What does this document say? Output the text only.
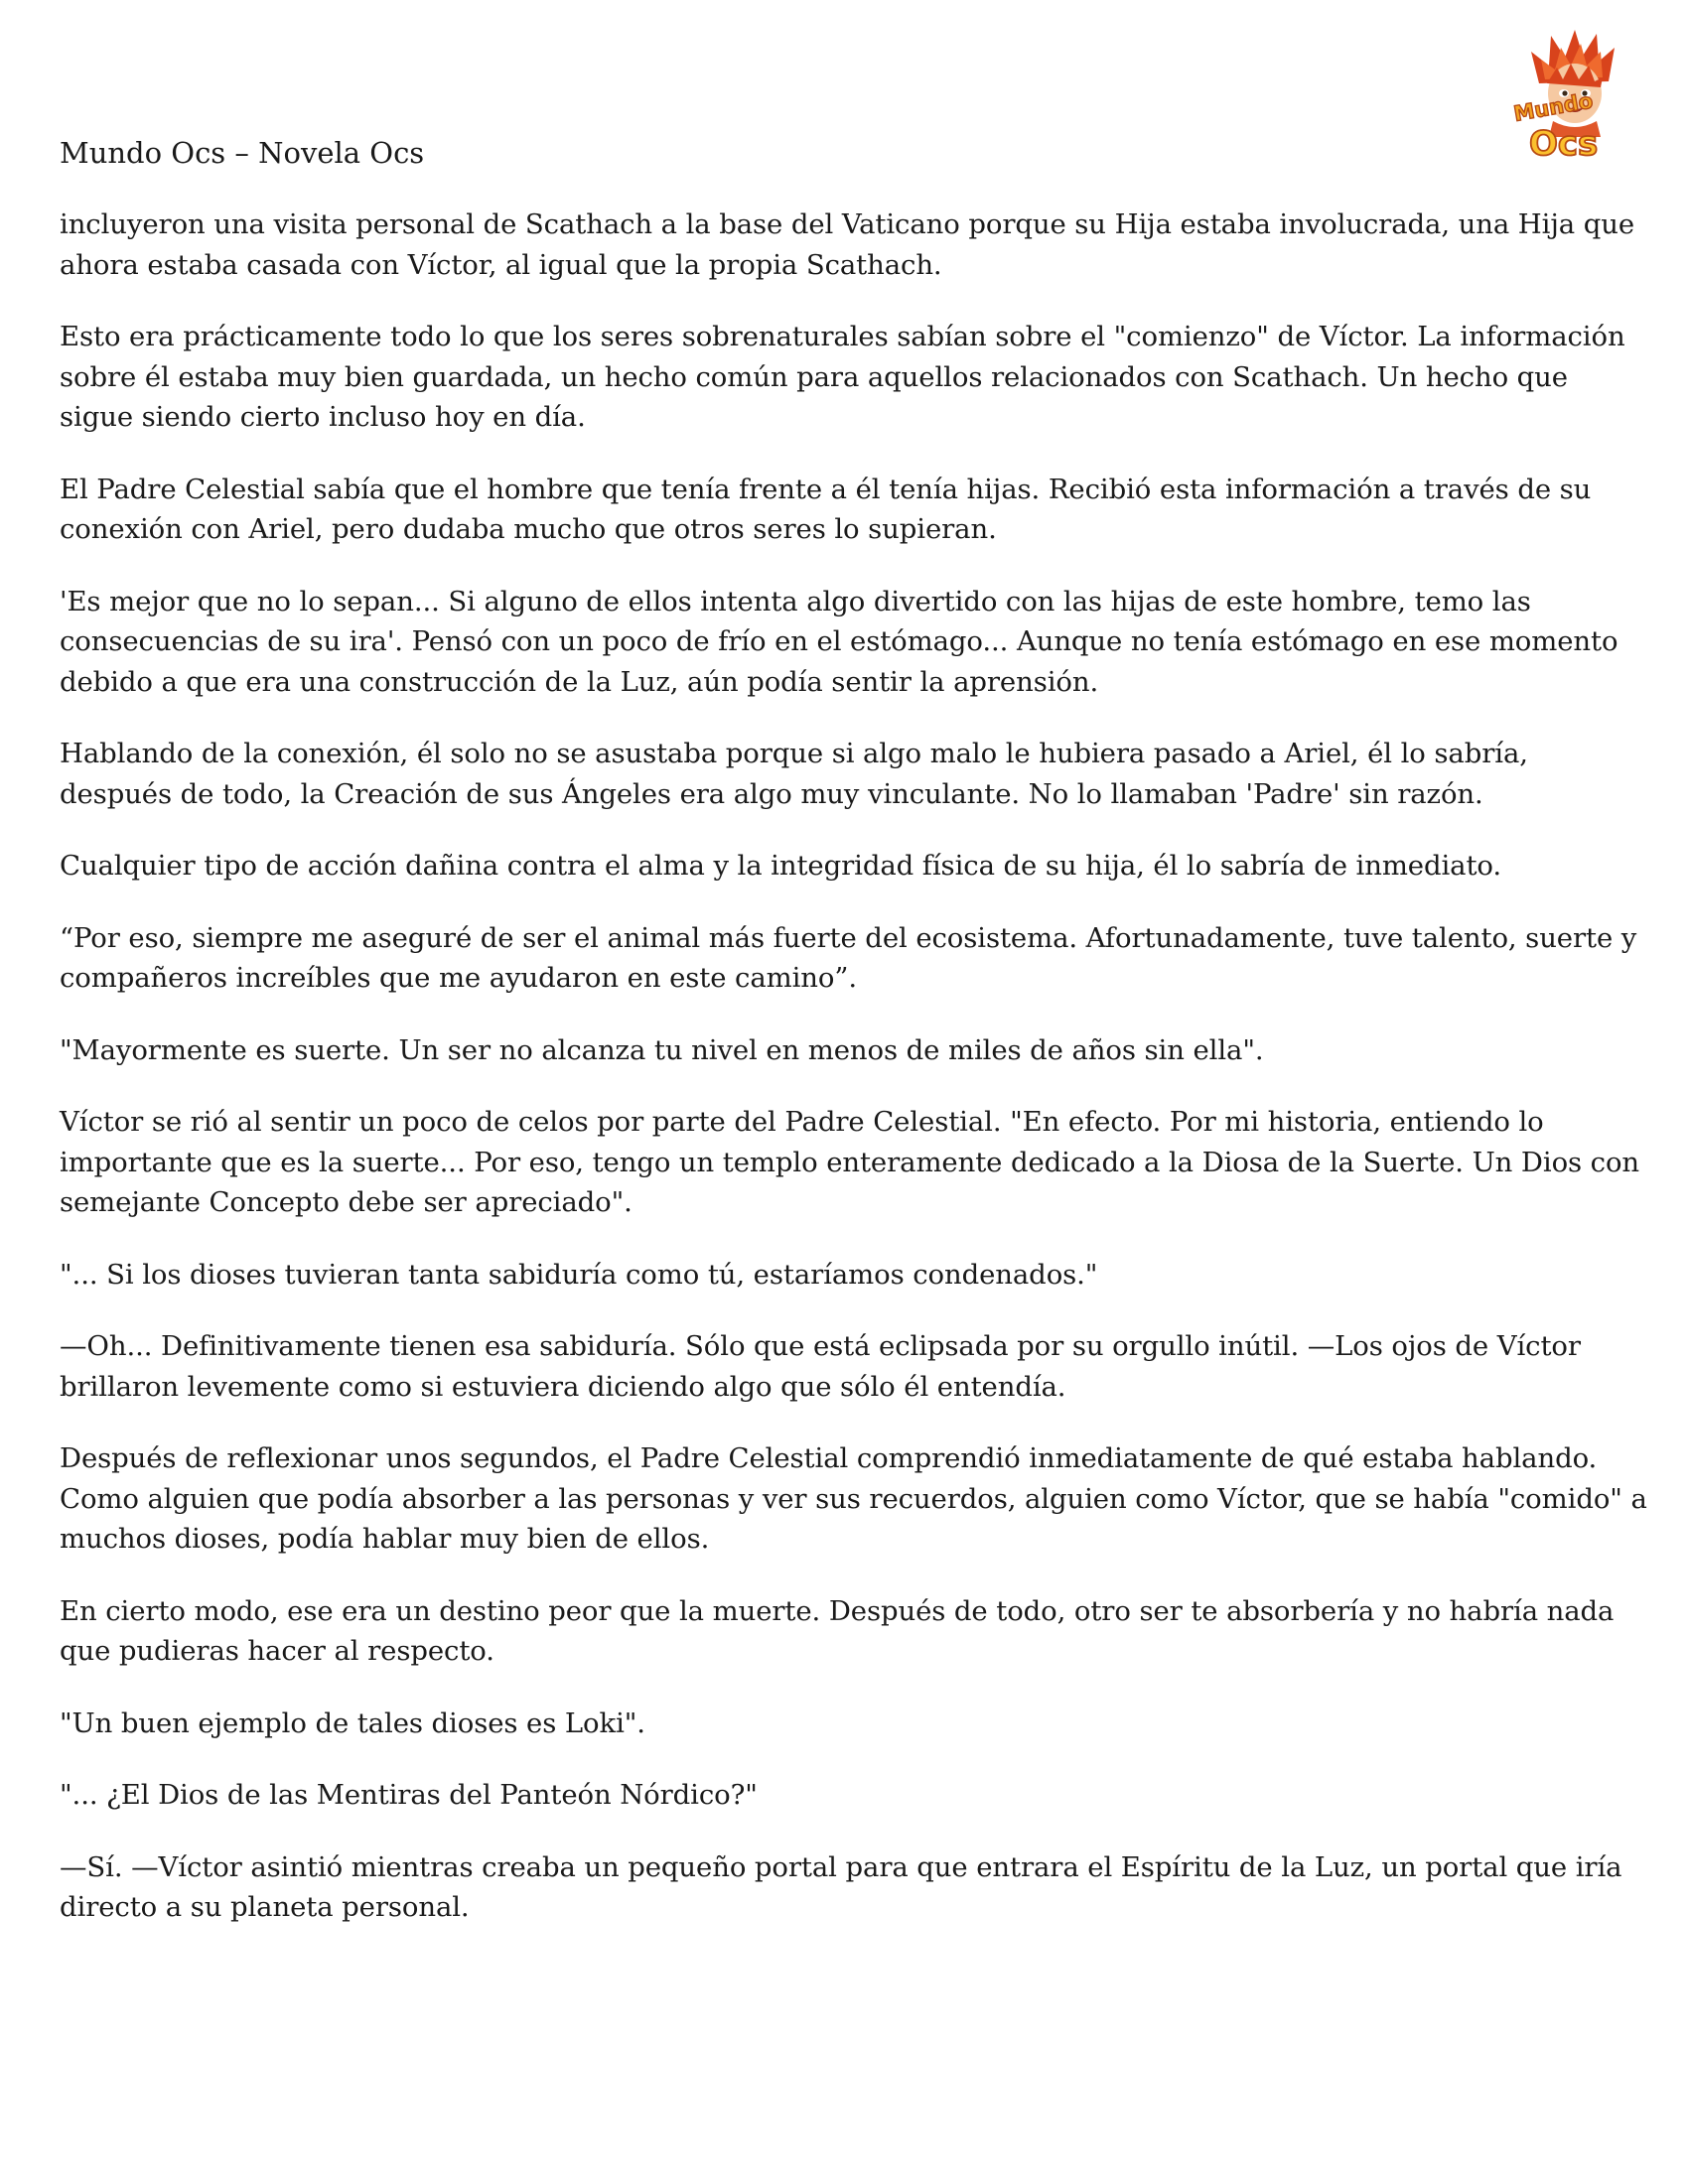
Mundo
Ocs
Mundo Ocs – Novela Ocs

incluyeron una visita personal de Scathach a la base del Vaticano porque su Hija estaba involucrada, una Hija que ahora estaba casada con Víctor, al igual que la propia Scathach.

Esto era prácticamente todo lo que los seres sobrenaturales sabían sobre el "comienzo" de Víctor. La información sobre él estaba muy bien guardada, un hecho común para aquellos relacionados con Scathach. Un hecho que sigue siendo cierto incluso hoy en día.

El Padre Celestial sabía que el hombre que tenía frente a él tenía hijas. Recibió esta información a través de su conexión con Ariel, pero dudaba mucho que otros seres lo supieran.

'Es mejor que no lo sepan... Si alguno de ellos intenta algo divertido con las hijas de este hombre, temo las consecuencias de su ira'. Pensó con un poco de frío en el estómago... Aunque no tenía estómago en ese momento debido a que era una construcción de la Luz, aún podía sentir la aprensión.

Hablando de la conexión, él solo no se asustaba porque si algo malo le hubiera pasado a Ariel, él lo sabría, después de todo, la Creación de sus Ángeles era algo muy vinculante. No lo llamaban 'Padre' sin razón.

Cualquier tipo de acción dañina contra el alma y la integridad física de su hija, él lo sabría de inmediato.

“Por eso, siempre me aseguré de ser el animal más fuerte del ecosistema. Afortunadamente, tuve talento, suerte y compañeros increíbles que me ayudaron en este camino”.

"Mayormente es suerte. Un ser no alcanza tu nivel en menos de miles de años sin ella".

Víctor se rió al sentir un poco de celos por parte del Padre Celestial. "En efecto. Por mi historia, entiendo lo importante que es la suerte... Por eso, tengo un templo enteramente dedicado a la Diosa de la Suerte. Un Dios con semejante Concepto debe ser apreciado".

"... Si los dioses tuvieran tanta sabiduría como tú, estaríamos condenados."

—Oh... Definitivamente tienen esa sabiduría. Sólo que está eclipsada por su orgullo inútil. —Los ojos de Víctor brillaron levemente como si estuviera diciendo algo que sólo él entendía.

Después de reflexionar unos segundos, el Padre Celestial comprendió inmediatamente de qué estaba hablando. Como alguien que podía absorber a las personas y ver sus recuerdos, alguien como Víctor, que se había "comido" a muchos dioses, podía hablar muy bien de ellos.

En cierto modo, ese era un destino peor que la muerte. Después de todo, otro ser te absorbería y no habría nada que pudieras hacer al respecto.

"Un buen ejemplo de tales dioses es Loki".

"... ¿El Dios de las Mentiras del Panteón Nórdico?"

—Sí. —Víctor asintió mientras creaba un pequeño portal para que entrara el Espíritu de la Luz, un portal que iría directo a su planeta personal.
